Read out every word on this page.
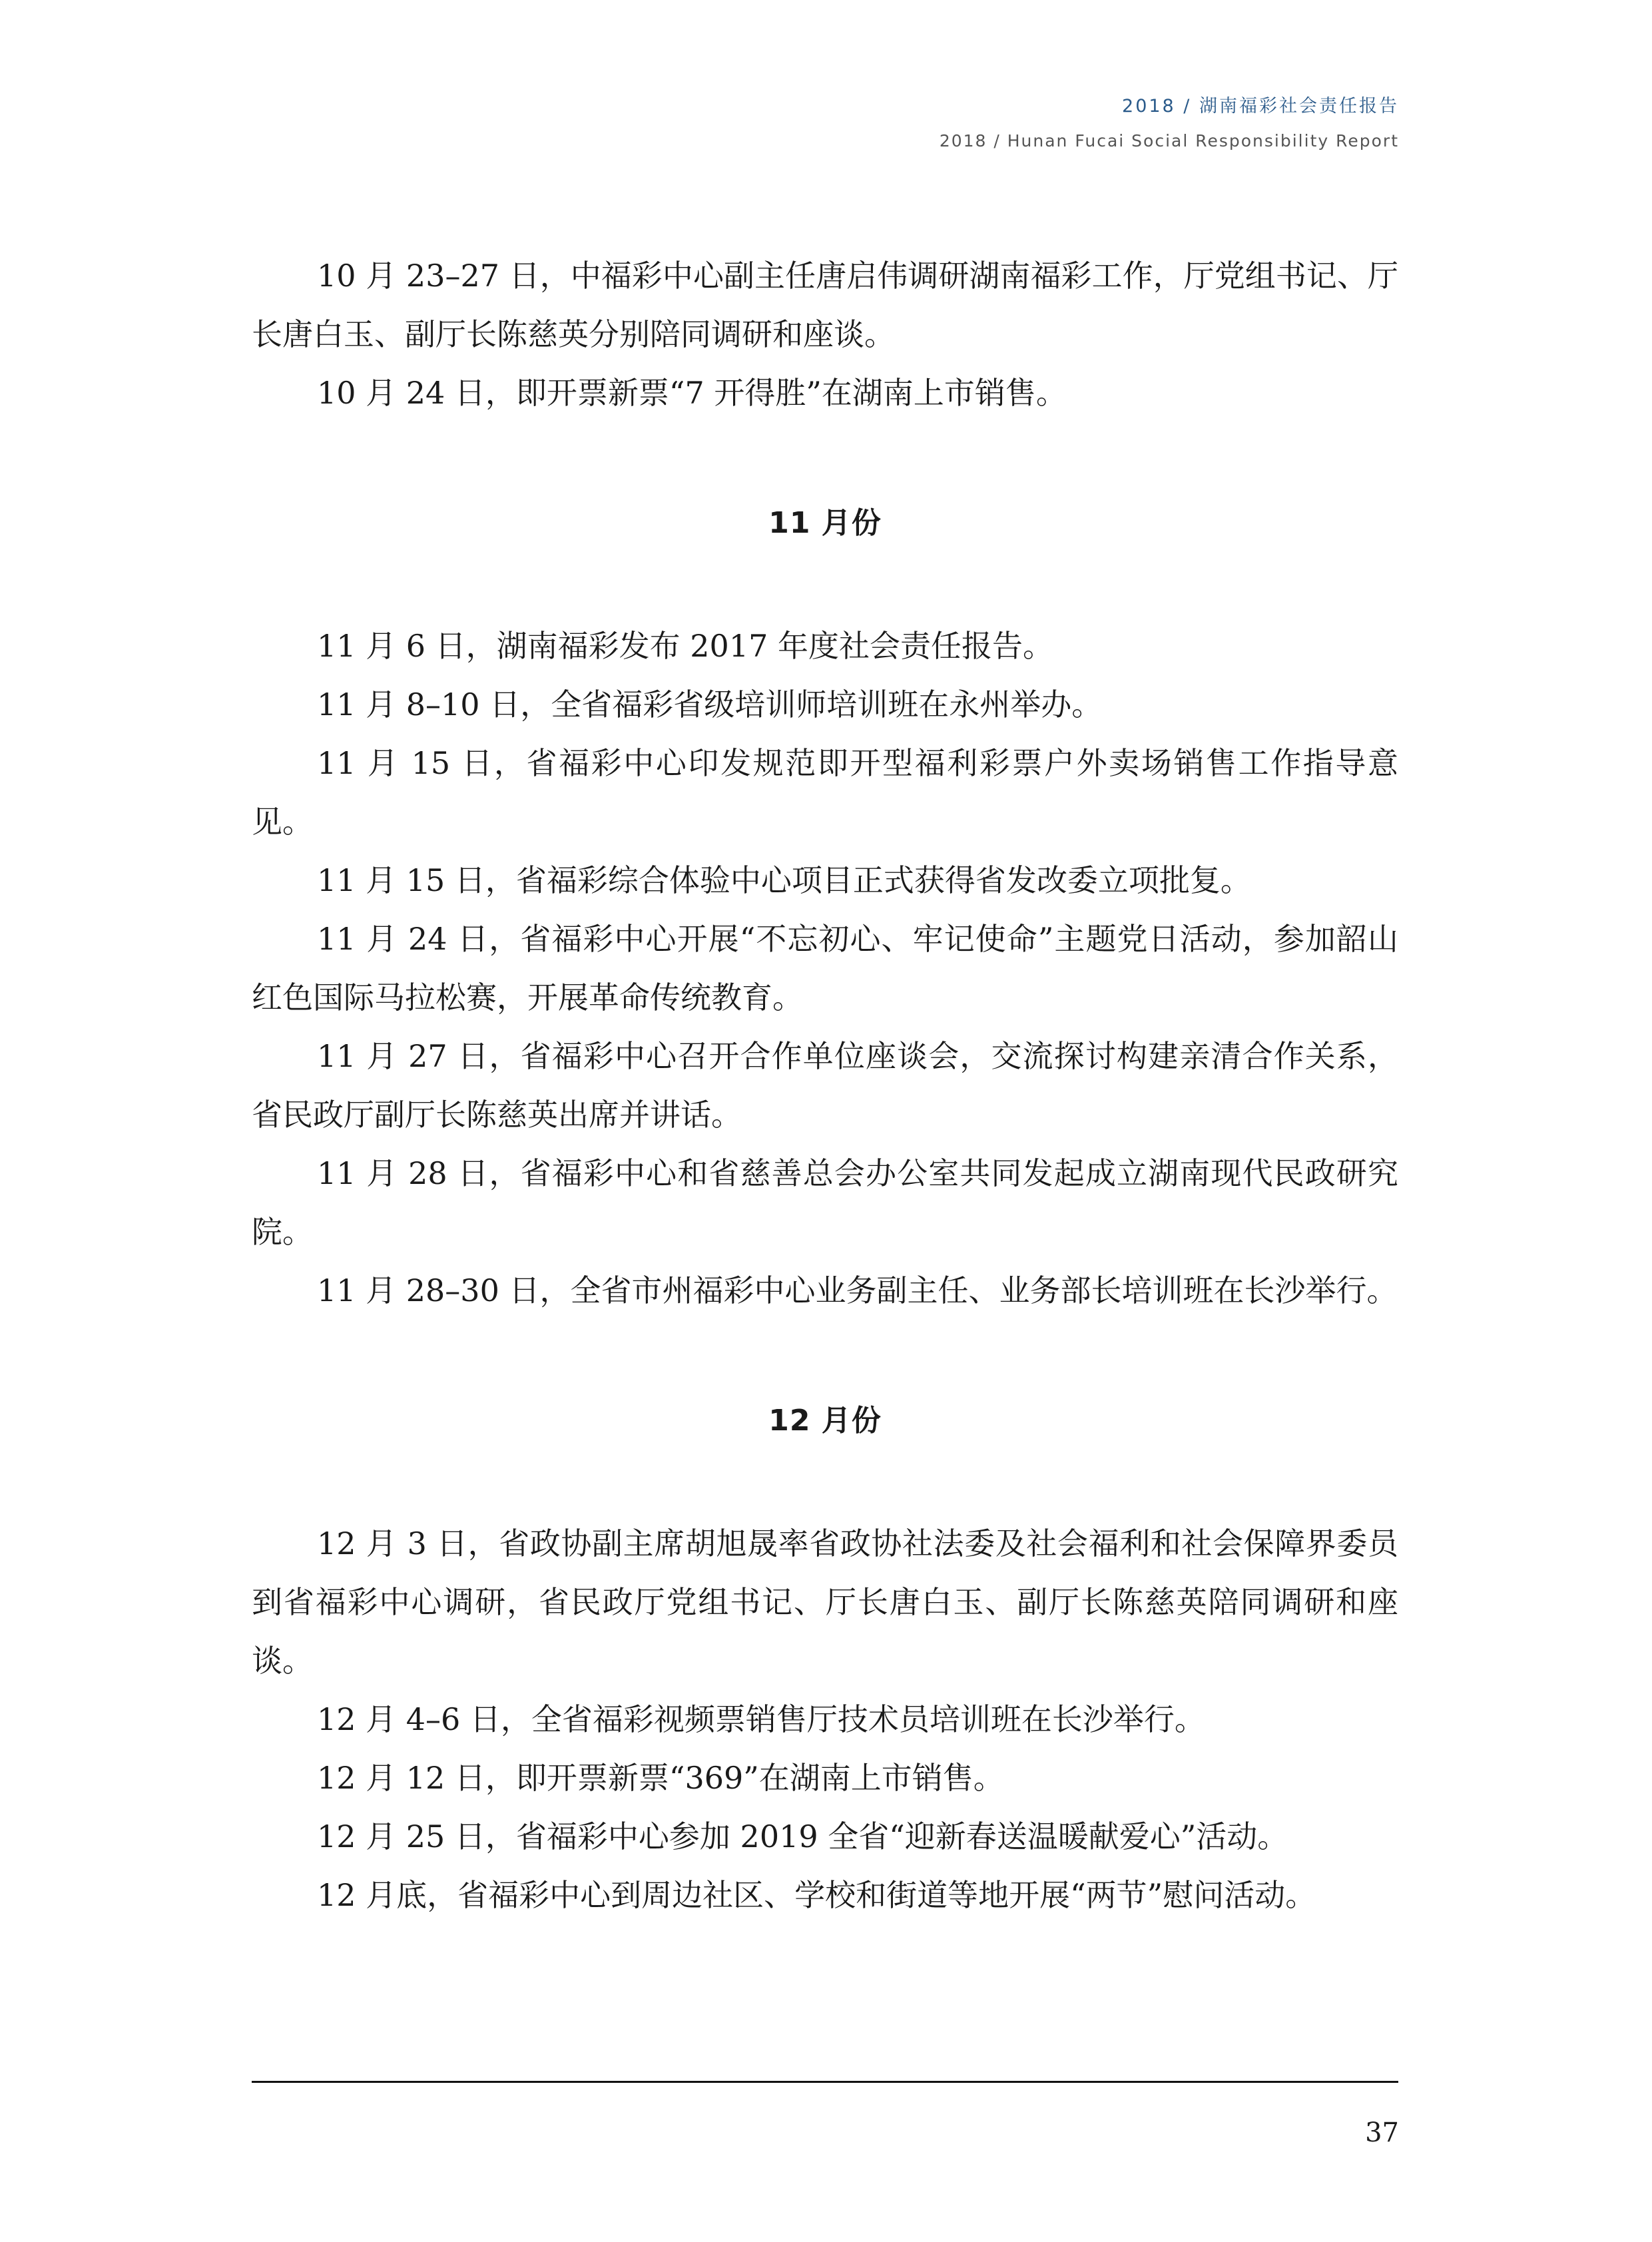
2018 / 湖南福彩社会责任报告
2018 / Hunan Fucai Social Responsibility Report

10 月 23–27 日，中福彩中心副主任唐启伟调研湖南福彩工作，厅党组书记、厅长唐白玉、副厅长陈慈英分别陪同调研和座谈。

10 月 24 日，即开票新票“7 开得胜”在湖南上市销售。

11 月份

11 月 6 日，湖南福彩发布 2017 年度社会责任报告。

11 月 8–10 日，全省福彩省级培训师培训班在永州举办。

11 月 15 日，省福彩中心印发规范即开型福利彩票户外卖场销售工作指导意见。

11 月 15 日，省福彩综合体验中心项目正式获得省发改委立项批复。

11 月 24 日，省福彩中心开展“不忘初心、牢记使命”主题党日活动，参加韶山红色国际马拉松赛，开展革命传统教育。

11 月 27 日，省福彩中心召开合作单位座谈会，交流探讨构建亲清合作关系，省民政厅副厅长陈慈英出席并讲话。

11 月 28 日，省福彩中心和省慈善总会办公室共同发起成立湖南现代民政研究院。

11 月 28–30 日，全省市州福彩中心业务副主任、业务部长培训班在长沙举行。

12 月份

12 月 3 日，省政协副主席胡旭晟率省政协社法委及社会福利和社会保障界委员到省福彩中心调研，省民政厅党组书记、厅长唐白玉、副厅长陈慈英陪同调研和座谈。

12 月 4–6 日，全省福彩视频票销售厅技术员培训班在长沙举行。

12 月 12 日，即开票新票“369”在湖南上市销售。

12 月 25 日，省福彩中心参加 2019 全省“迎新春送温暖献爱心”活动。

12 月底，省福彩中心到周边社区、学校和街道等地开展“两节”慰问活动。

37
